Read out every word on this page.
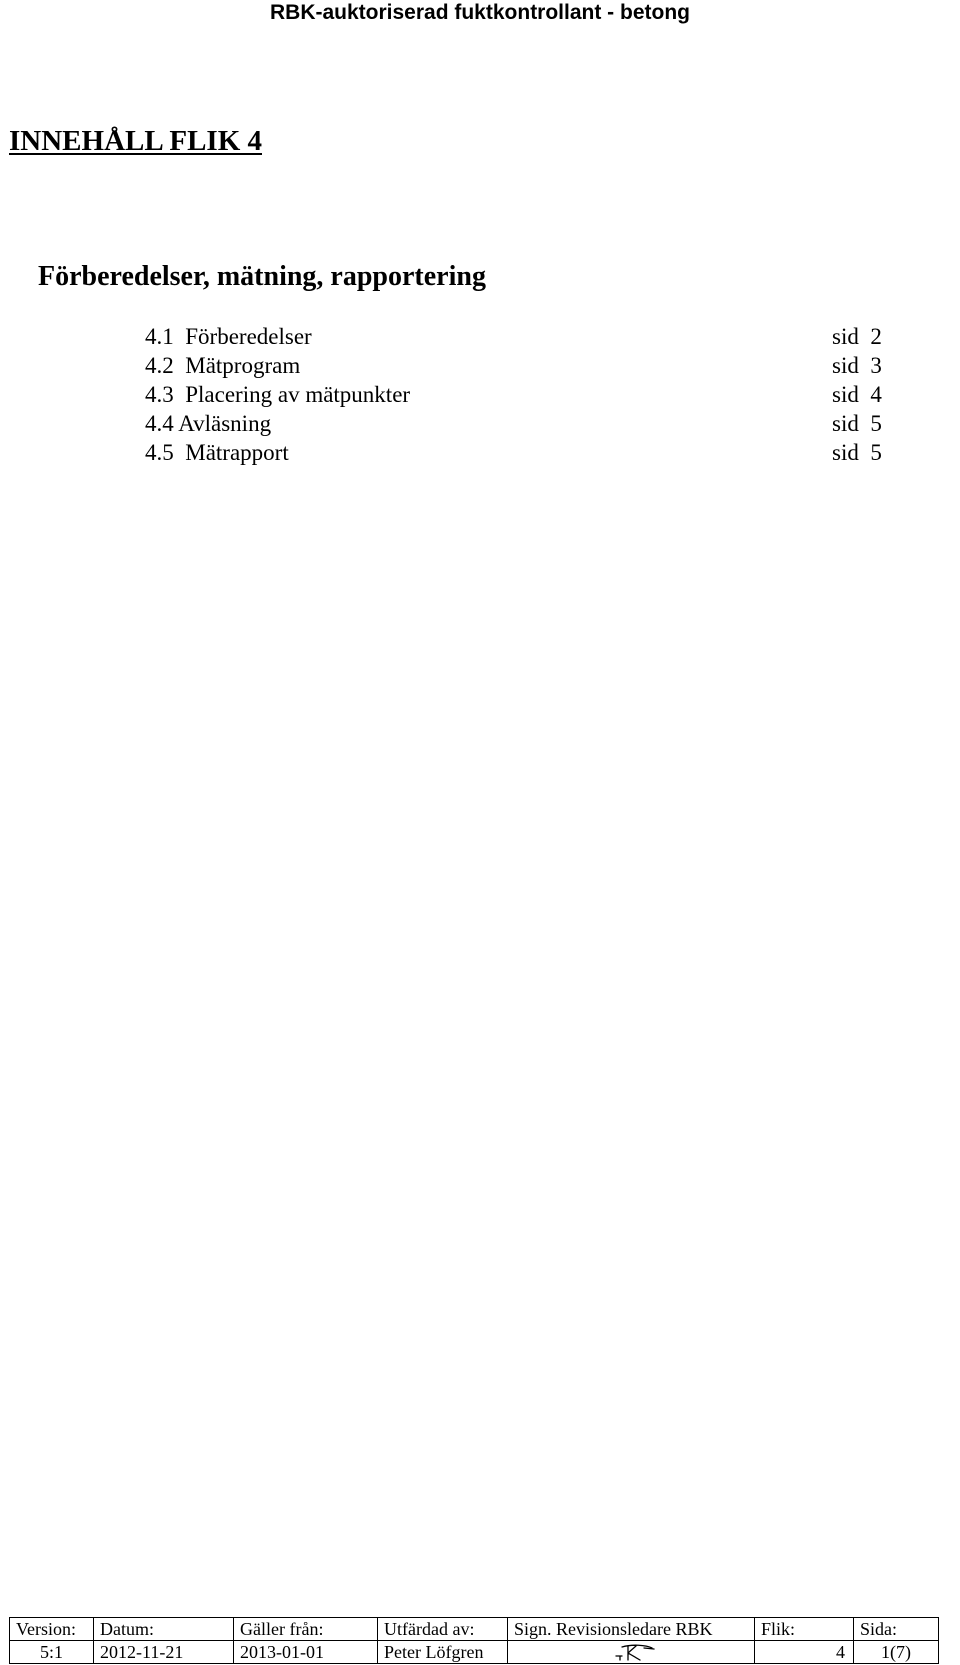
RBK-auktoriserad fuktkontrollant - betong
INNEHÅLL FLIK 4
Förberedelser, mätning, rapportering
4.1  Förberedelser	sid  2
4.2  Mätprogram	sid  3
4.3  Placering av mätpunkter	sid  4
4.4 Avläsning	sid  5
4.5  Mätrapport	sid  5
Version:	Datum:	Gäller från:	Utfärdad av:	Sign. Revisionsledare RBK	Flik:	Sida:
5:1	2012-11-21	2013-01-01	Peter Löfgren		4	1(7)
